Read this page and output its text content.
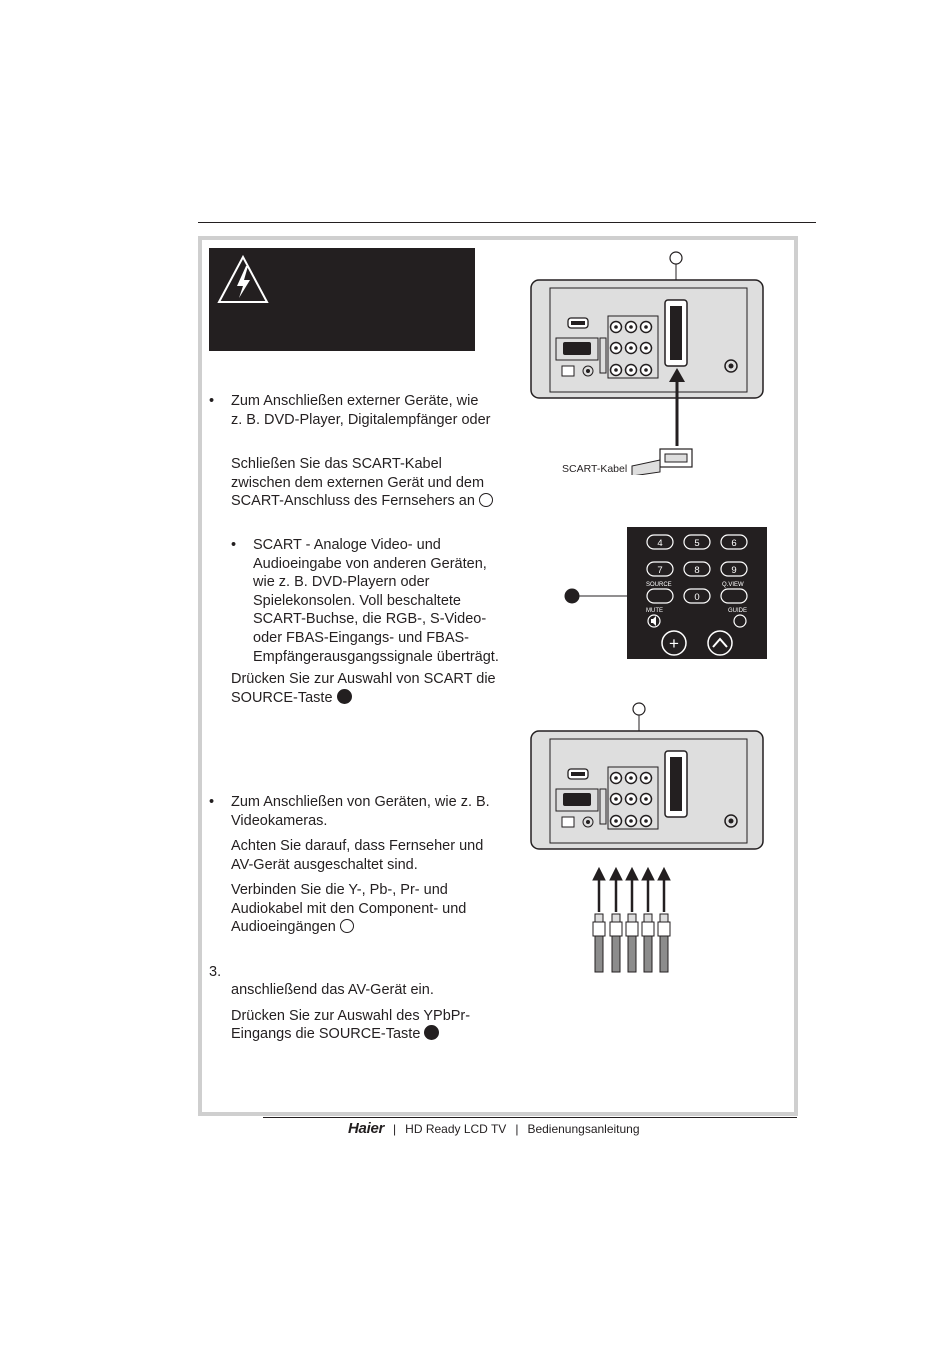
• Zum Anschließen externer Geräte, wie
z. B. DVD-Player, Digitalempfänger oder
Schließen Sie das SCART-Kabel
zwischen dem externen Gerät und dem
SCART-Anschluss des Fernsehers an
• SCART - Analoge Video- und
Audioeingabe von anderen Geräten,
wie z. B. DVD-Playern oder
Spielekonsolen. Voll beschaltete
SCART-Buchse, die RGB-, S-Video-
oder FBAS-Eingangs- und FBAS-
Empfängerausgangssignale überträgt.
Drücken Sie zur Auswahl von SCART die
SOURCE-Taste
• Zum Anschließen von Geräten, wie z. B.
Videokameras.
Achten Sie darauf, dass Fernseher und
AV-Gerät ausgeschaltet sind.
Verbinden Sie die Y-, Pb-, Pr- und
Audiokabel mit den Component- und
Audioeingängen
3.
anschließend das AV-Gerät ein.
Drücken Sie zur Auswahl des YPbPr-
Eingangs die SOURCE-Taste
SCART-Kabel
4	5	6
7	8	9
SOURCE	Q.VIEW
0
MUTE	GUIDE
+
Haier | HD Ready LCD TV | Bedienungsanleitung
